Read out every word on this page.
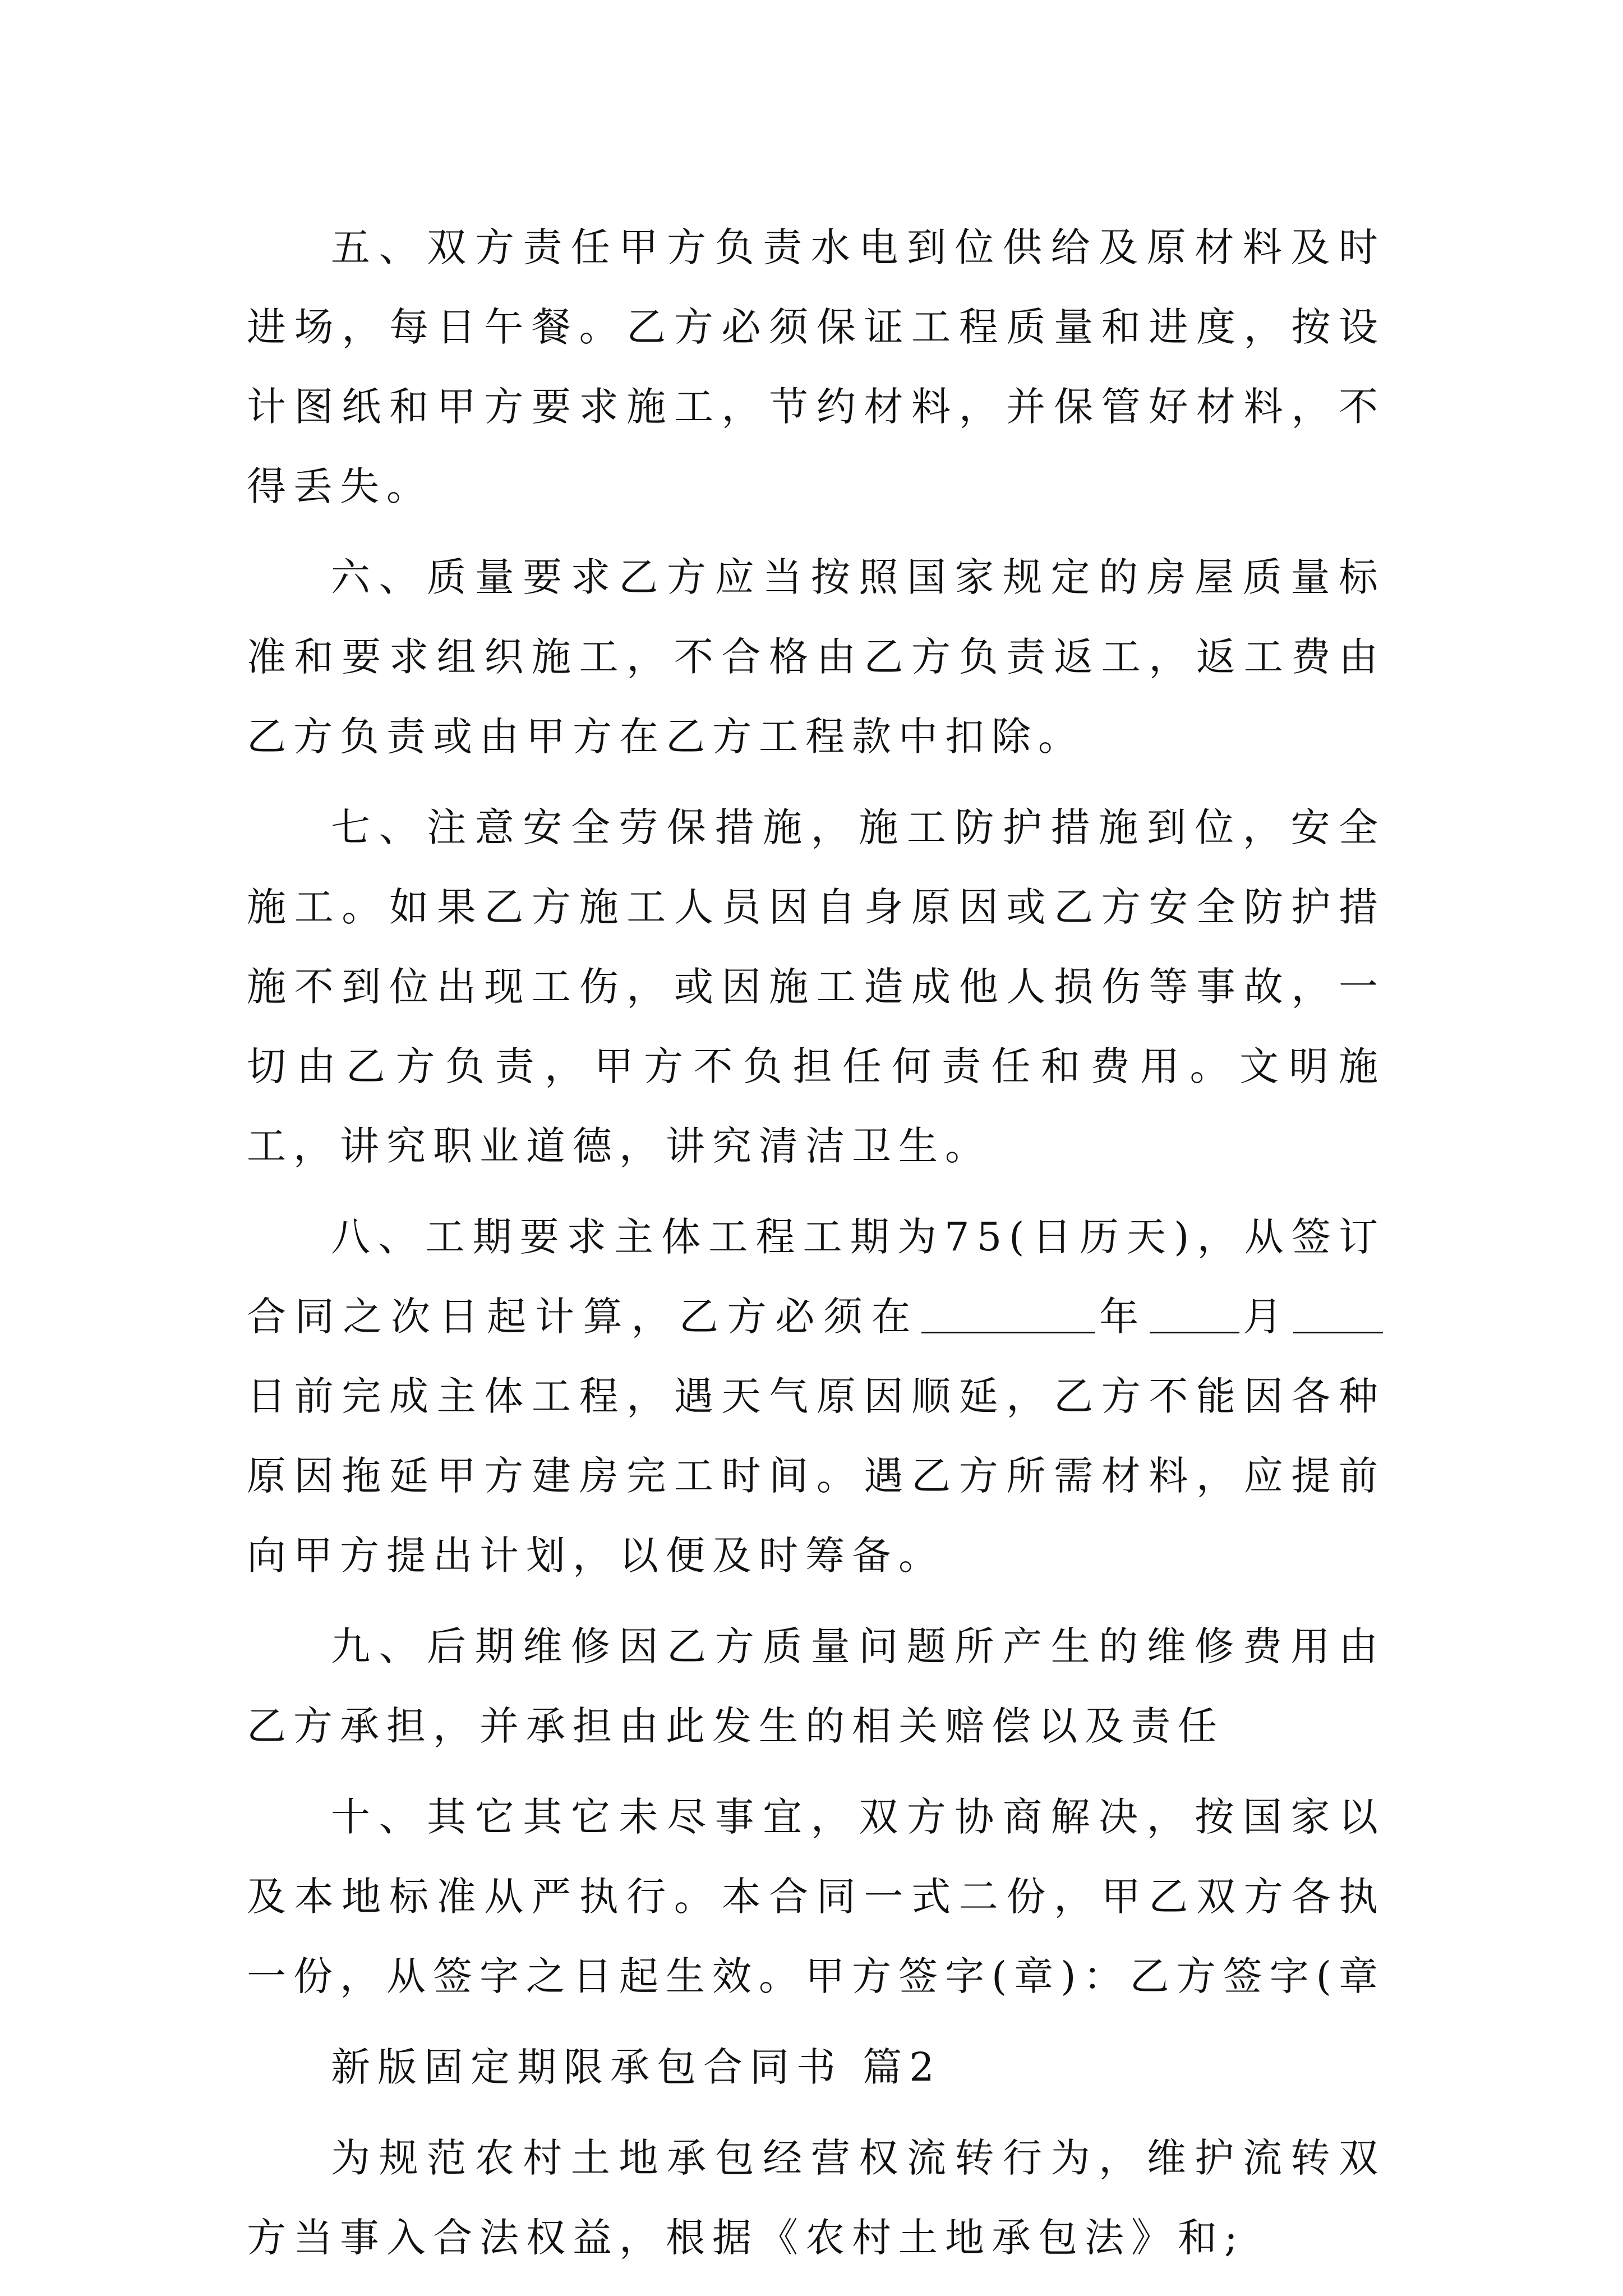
五、双方责任甲方负责水电到位供给及原材料及时进场，每日午餐。乙方必须保证工程质量和进度，按设计图纸和甲方要求施工，节约材料，并保管好材料，不得丢失。

六、质量要求乙方应当按照国家规定的房屋质量标准和要求组织施工，不合格由乙方负责返工，返工费由乙方负责或由甲方在乙方工程款中扣除。

七、注意安全劳保措施，施工防护措施到位，安全施工。如果乙方施工人员因自身原因或乙方安全防护措施不到位出现工伤，或因施工造成他人损伤等事故，一切由乙方负责，甲方不负担任何责任和费用。文明施工，讲究职业道德，讲究清洁卫生。

八、工期要求主体工程工期为75(日历天)，从签订合同之次日起计算，乙方必须在	年 月日前完成主体工程，遇天气原因顺延，乙方不能因各种原因拖延甲方建房完工时间。遇乙方所需材料，应提前向甲方提出计划，以便及时筹备。

九、后期维修因乙方质量问题所产生的维修费用由乙方承担，并承担由此发生的相关赔偿以及责任

十、其它其它未尽事宜，双方协商解决，按国家以及本地标准从严执行。本合同一式二份，甲乙双方各执一份，从签字之日起生效。甲方签字(章)：乙方签字(章

新版固定期限承包合同书 篇2

为规范农村土地承包经营权流转行为，维护流转双方当事入合法权益，根据《农村土地承包法》和;
